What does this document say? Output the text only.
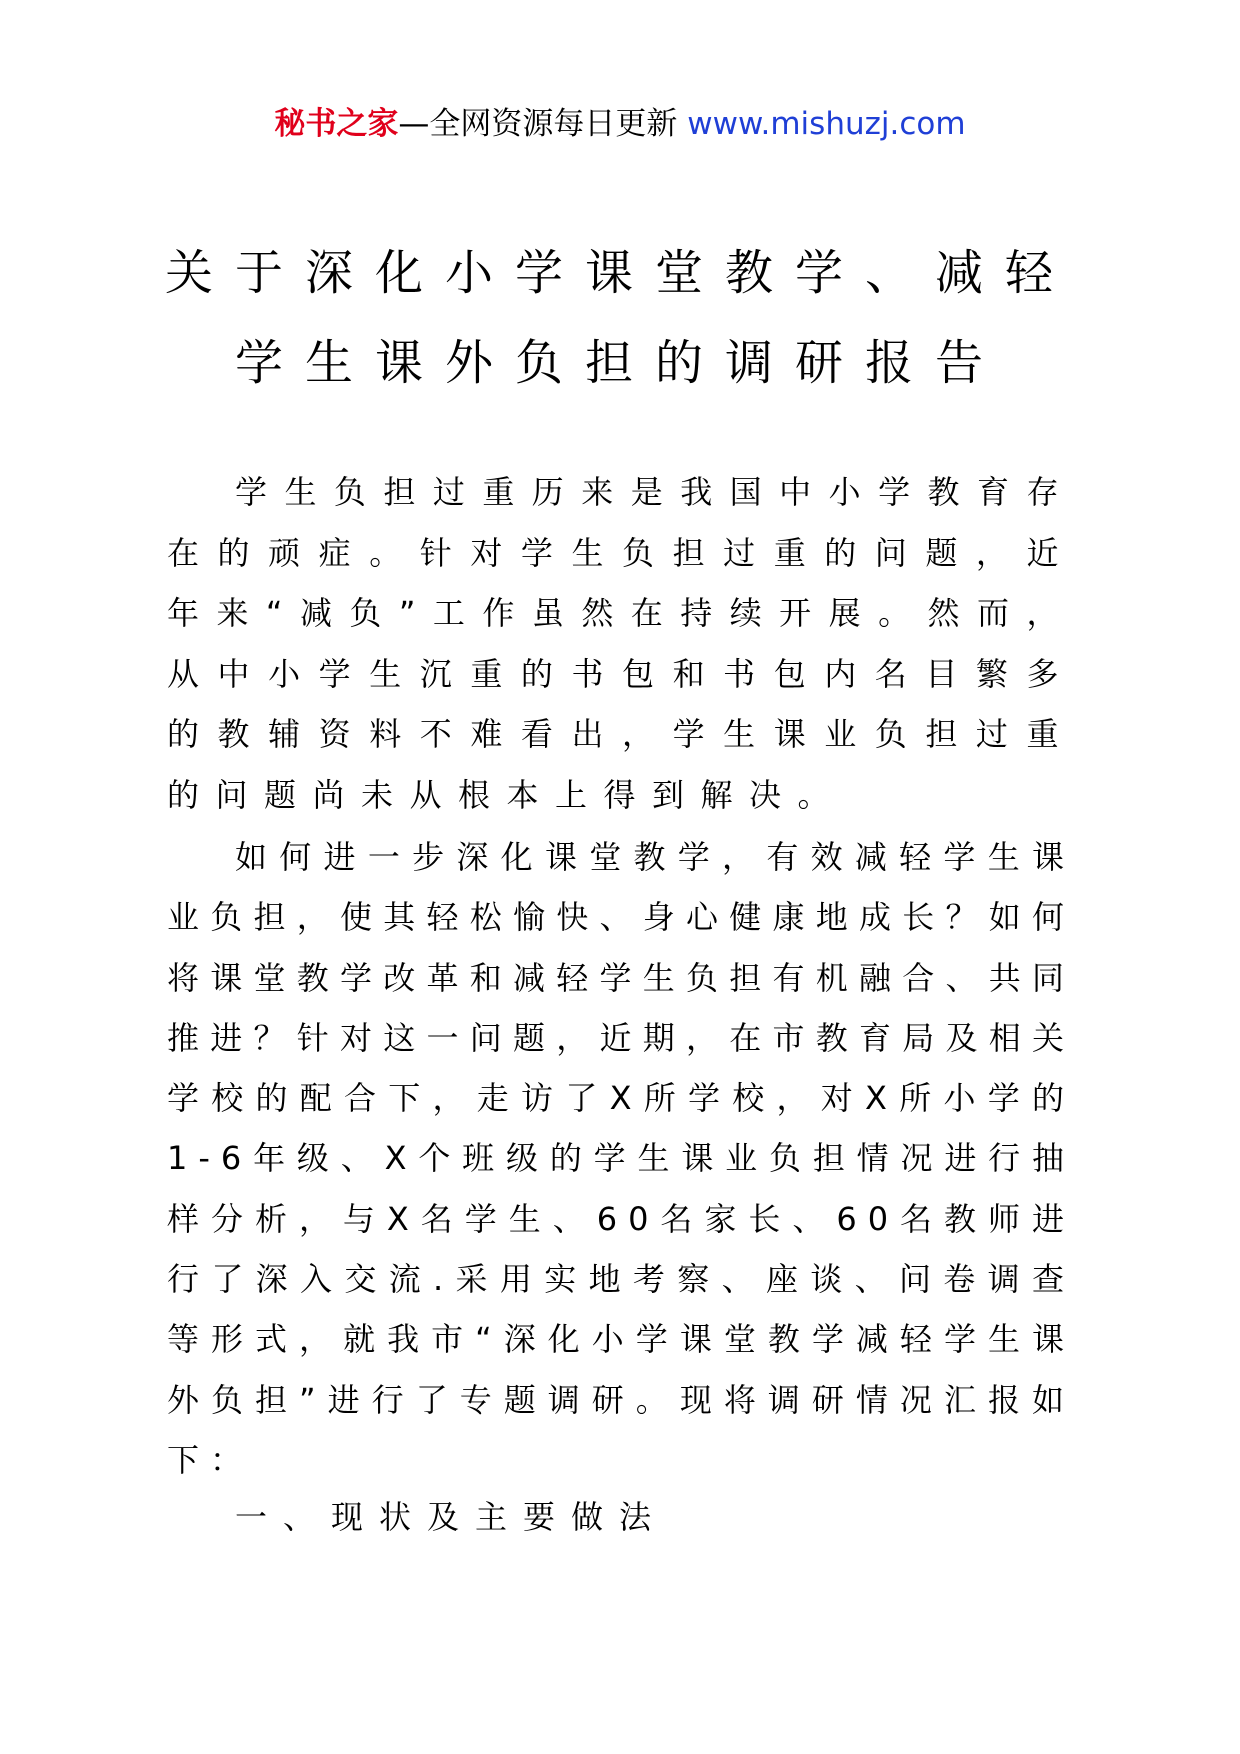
秘书之家—全网资源每日更新 www.mishuzj.com
关于深化小学课堂教学、减轻
学生课外负担的调研报告

学生负担过重历来是我国中小学教育存在的顽症。针对学生负担过重的问题，近年来“减负”工作虽然在持续开展。然而，从中小学生沉重的书包和书包内名目繁多的教辅资料不难看出，学生课业负担过重的问题尚未从根本上得到解决。

如何进一步深化课堂教学，有效减轻学生课业负担，使其轻松愉快、身心健康地成长？如何将课堂教学改革和减轻学生负担有机融合、共同推进？针对这一问题，近期，在市教育局及相关学校的配合下，走访了X所学校，对X所小学的1-6年级、X个班级的学生课业负担情况进行抽样分析，与X名学生、60名家长、60名教师进行了深入交流.采用实地考察、座谈、问卷调查等形式，就我市“深化小学课堂教学减轻学生课外负担”进行了专题调研。现将调研情况汇报如下：

一、现状及主要做法
